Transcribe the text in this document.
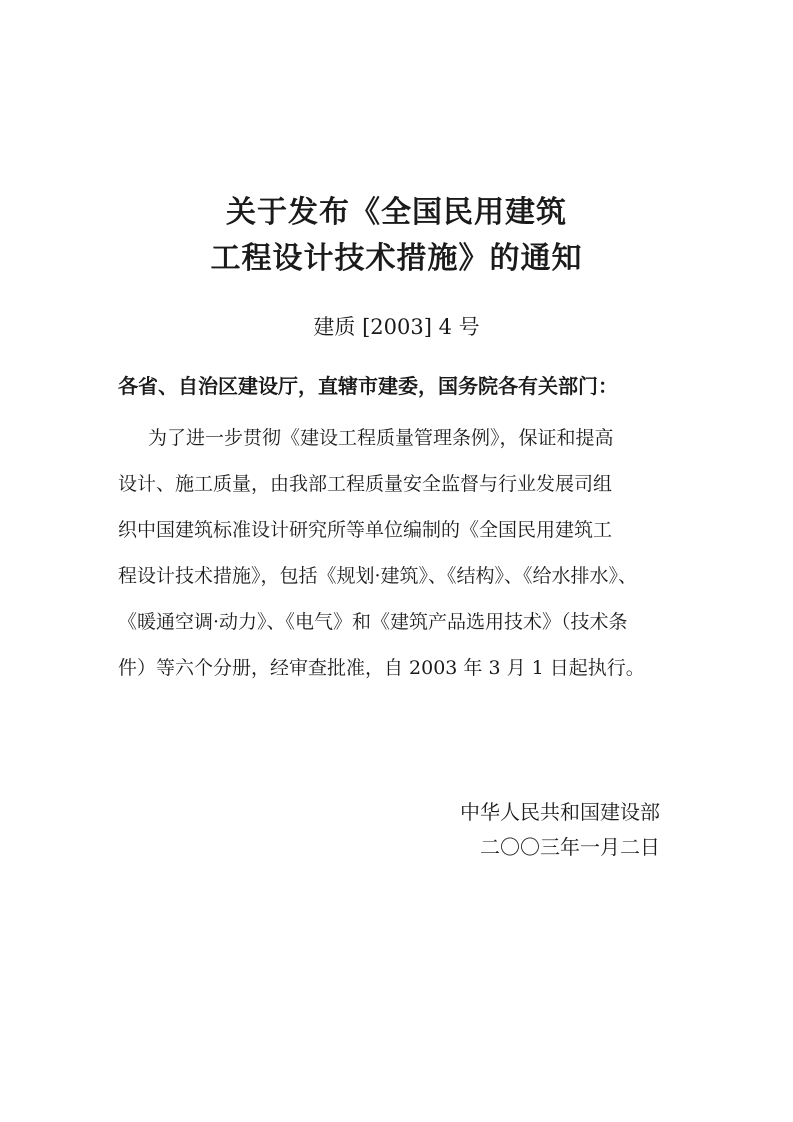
关于发布《全国民用建筑
工程设计技术措施》的通知
建质 [2003] 4 号
各省、自治区建设厅，直辖市建委，国务院各有关部门：
为了进一步贯彻《建设工程质量管理条例》，保证和提高
设计、施工质量，由我部工程质量安全监督与行业发展司组
织中国建筑标准设计研究所等单位编制的《全国民用建筑工
程设计技术措施》，包括《规划·建筑》、《结构》、《给水排水》、
《暖通空调·动力》、《电气》和《建筑产品选用技术》（技术条
件）等六个分册，经审查批准，自 2003 年 3 月 1 日起执行。
中华人民共和国建设部
二〇〇三年一月二日
